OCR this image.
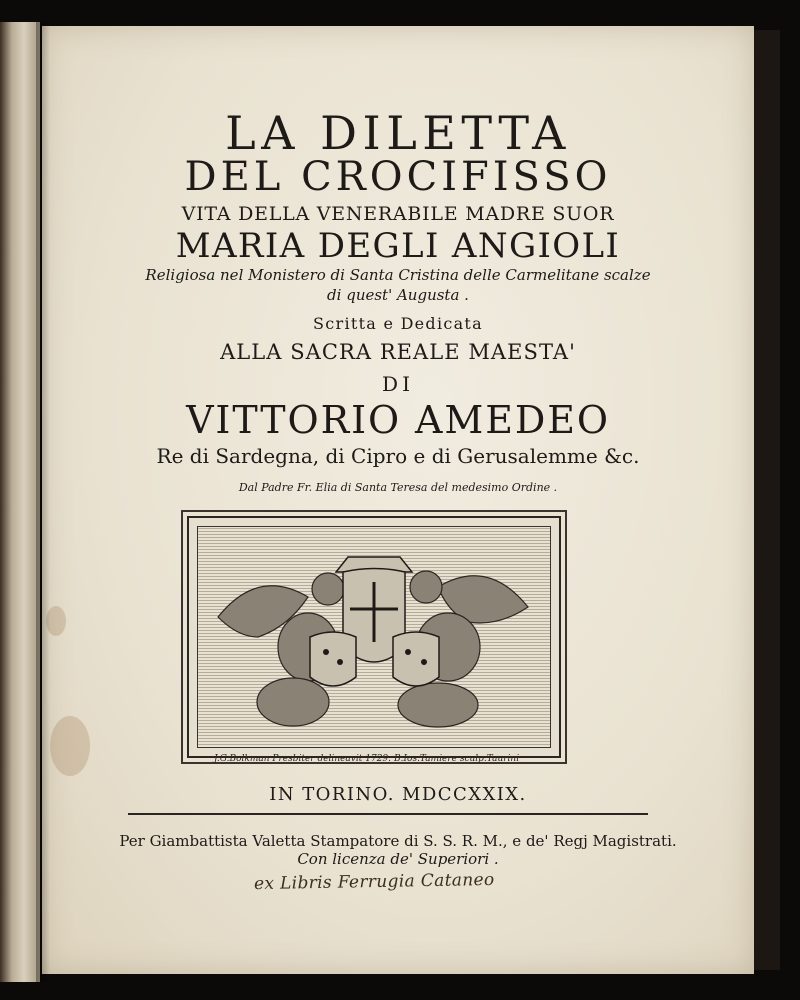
LA DILETTA
DEL CROCIFISSO
VITA DELLA VENERABILE MADRE SUOR
MARIA DEGLI ANGIOLI
Religiosa nel Monistero di Santa Cristina delle Carmelitane scalze
di quest' Augusta .
Scritta e Dedicata
ALLA SACRA REALE MAESTA'
DI
VITTORIO AMEDEO
Re di Sardegna, di Cipro e di Gerusalemme &c.
Dal Padre Fr. Elia di Santa Teresa del medesimo Ordine .
J.G.Bolkman Presbiter delineavit 1729. B.Ios.Tamiere sculp.Taurini
IN TORINO. MDCCXXIX.
Per Giambattista Valetta Stampatore di S. S. R. M., e de' Regj Magistrati.
Con licenza de' Superiori .
ex Libris Ferrugia Cataneo
